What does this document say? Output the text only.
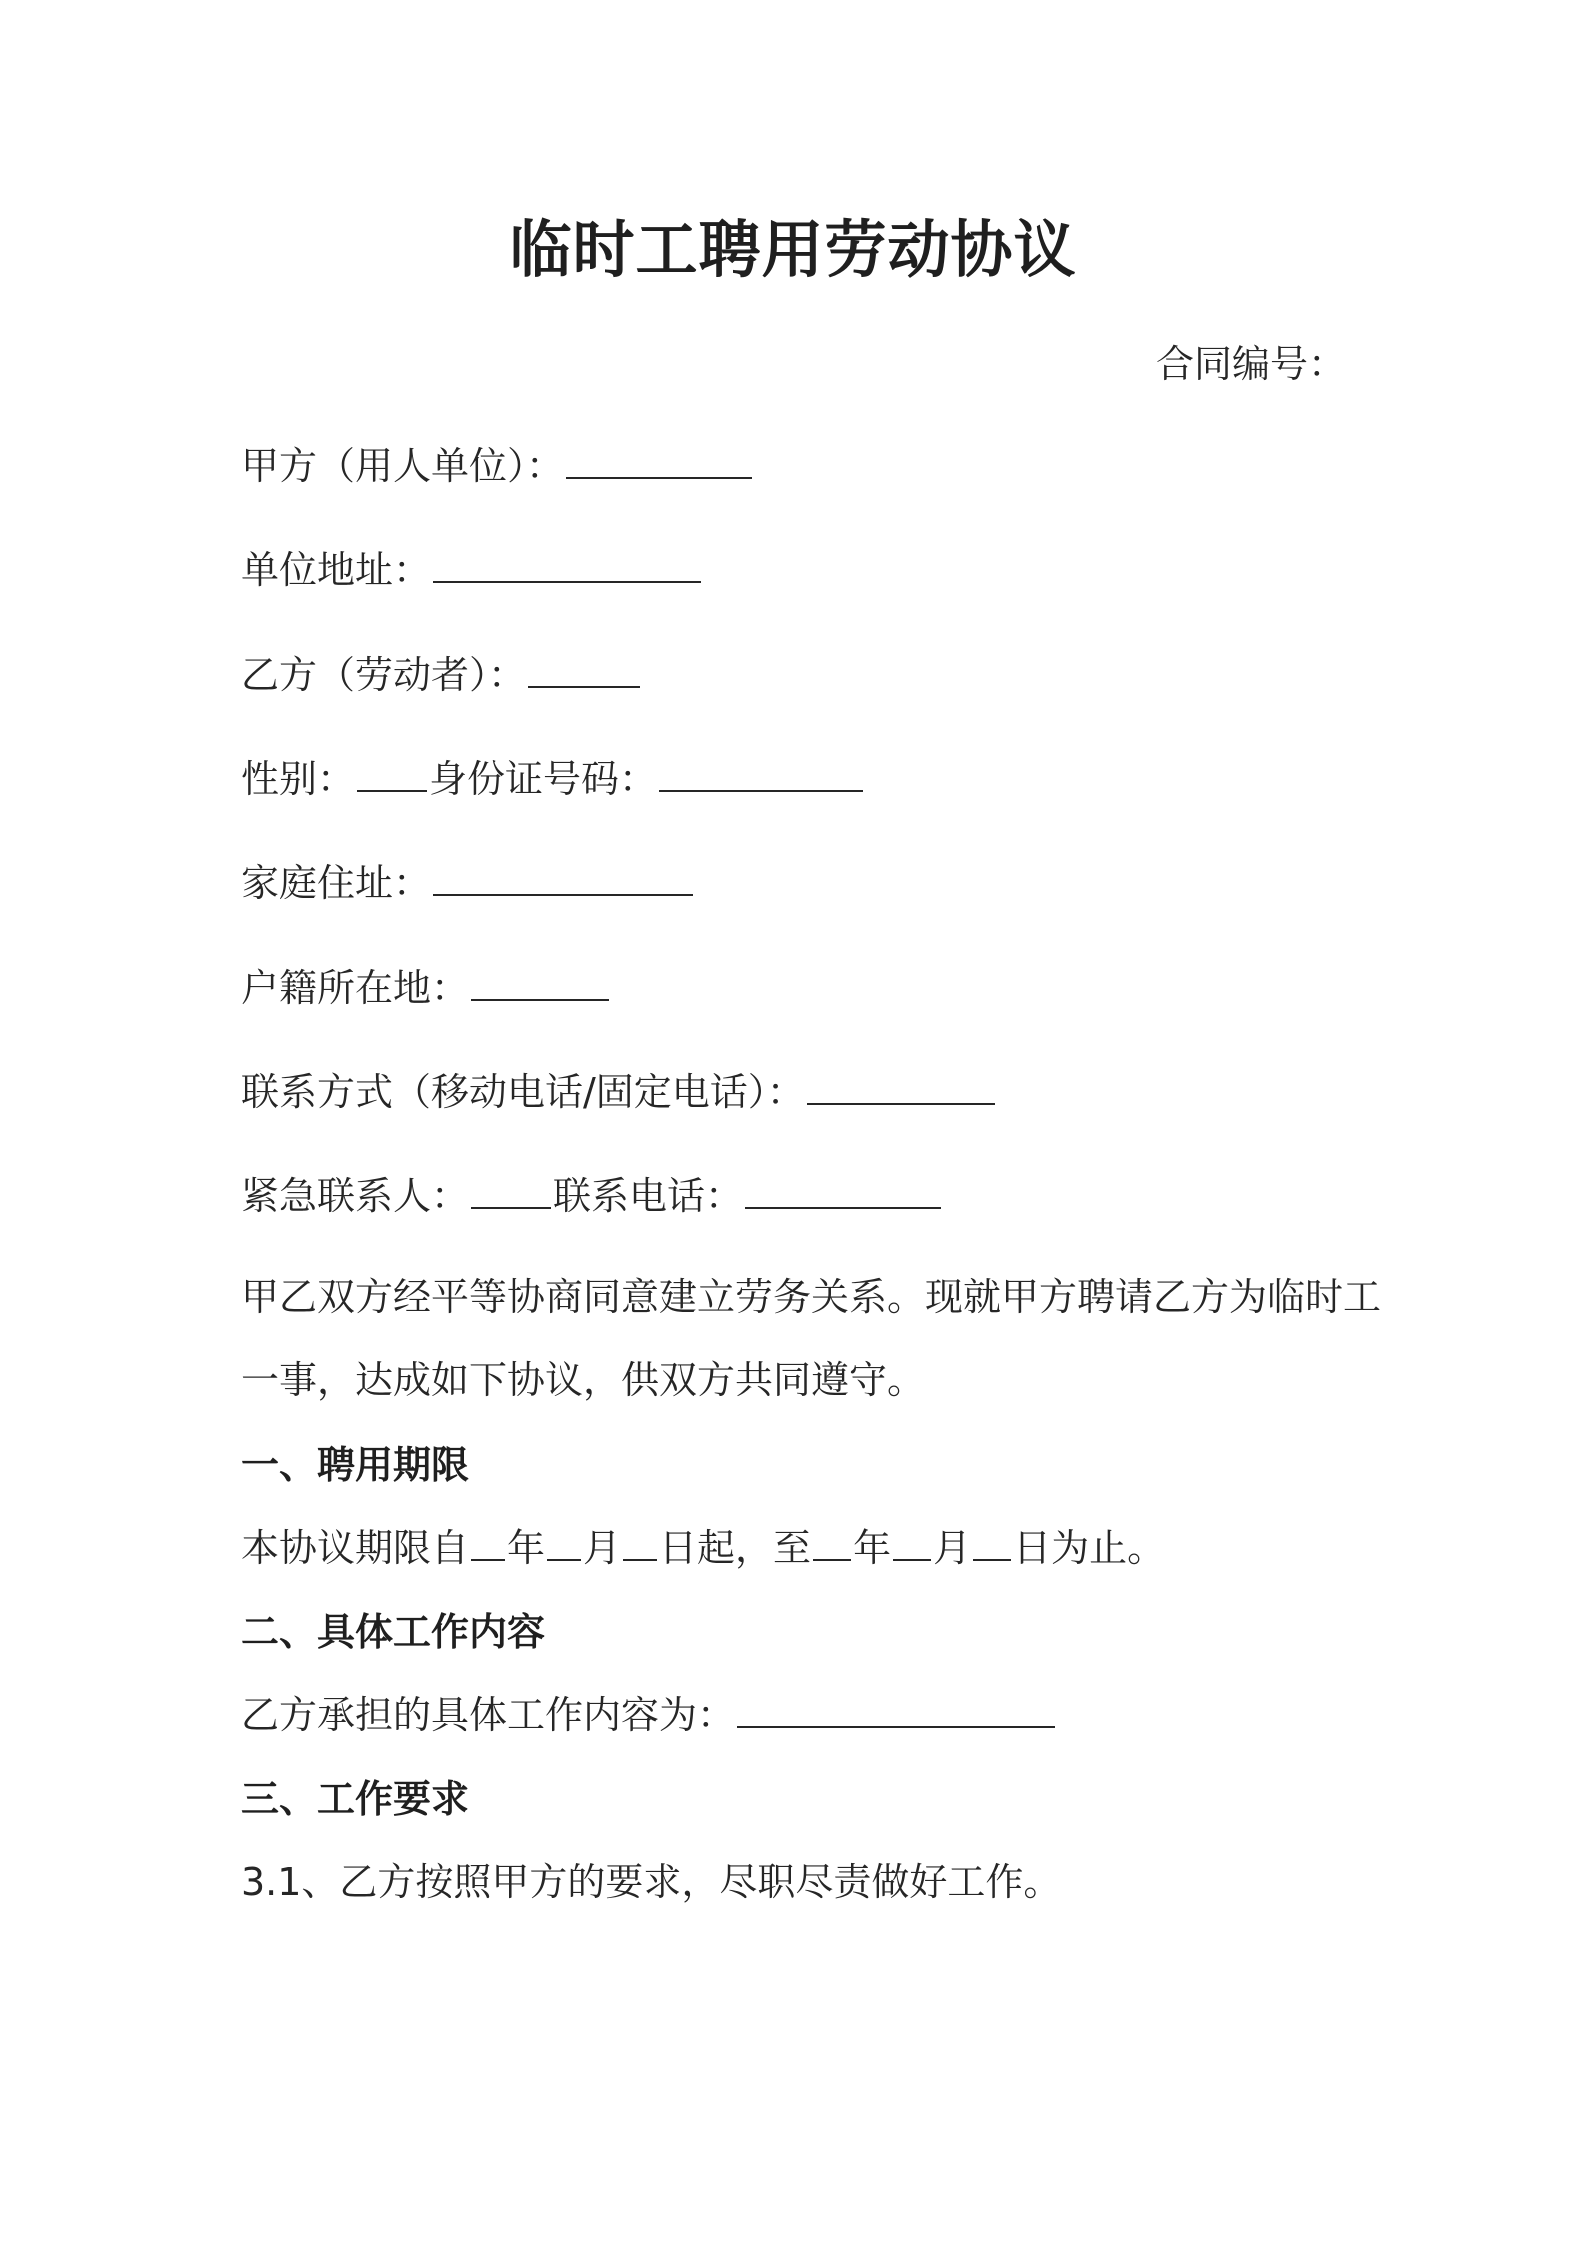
临时工聘用劳动协议
合同编号：
甲方（用人单位）：
单位地址：
乙方（劳动者）：
性别： 身份证号码：
家庭住址：
户籍所在地：
联系方式（移动电话/固定电话）：
紧急联系人： 联系电话：
甲乙双方经平等协商同意建立劳务关系。现就甲方聘请乙方为临时工
一事，达成如下协议，供双方共同遵守。
一、聘用期限
本协议期限自 年 月 日起，至 年 月 日为止。
二、具体工作内容
乙方承担的具体工作内容为：
三、工作要求
3.1、乙方按照甲方的要求，尽职尽责做好工作。
